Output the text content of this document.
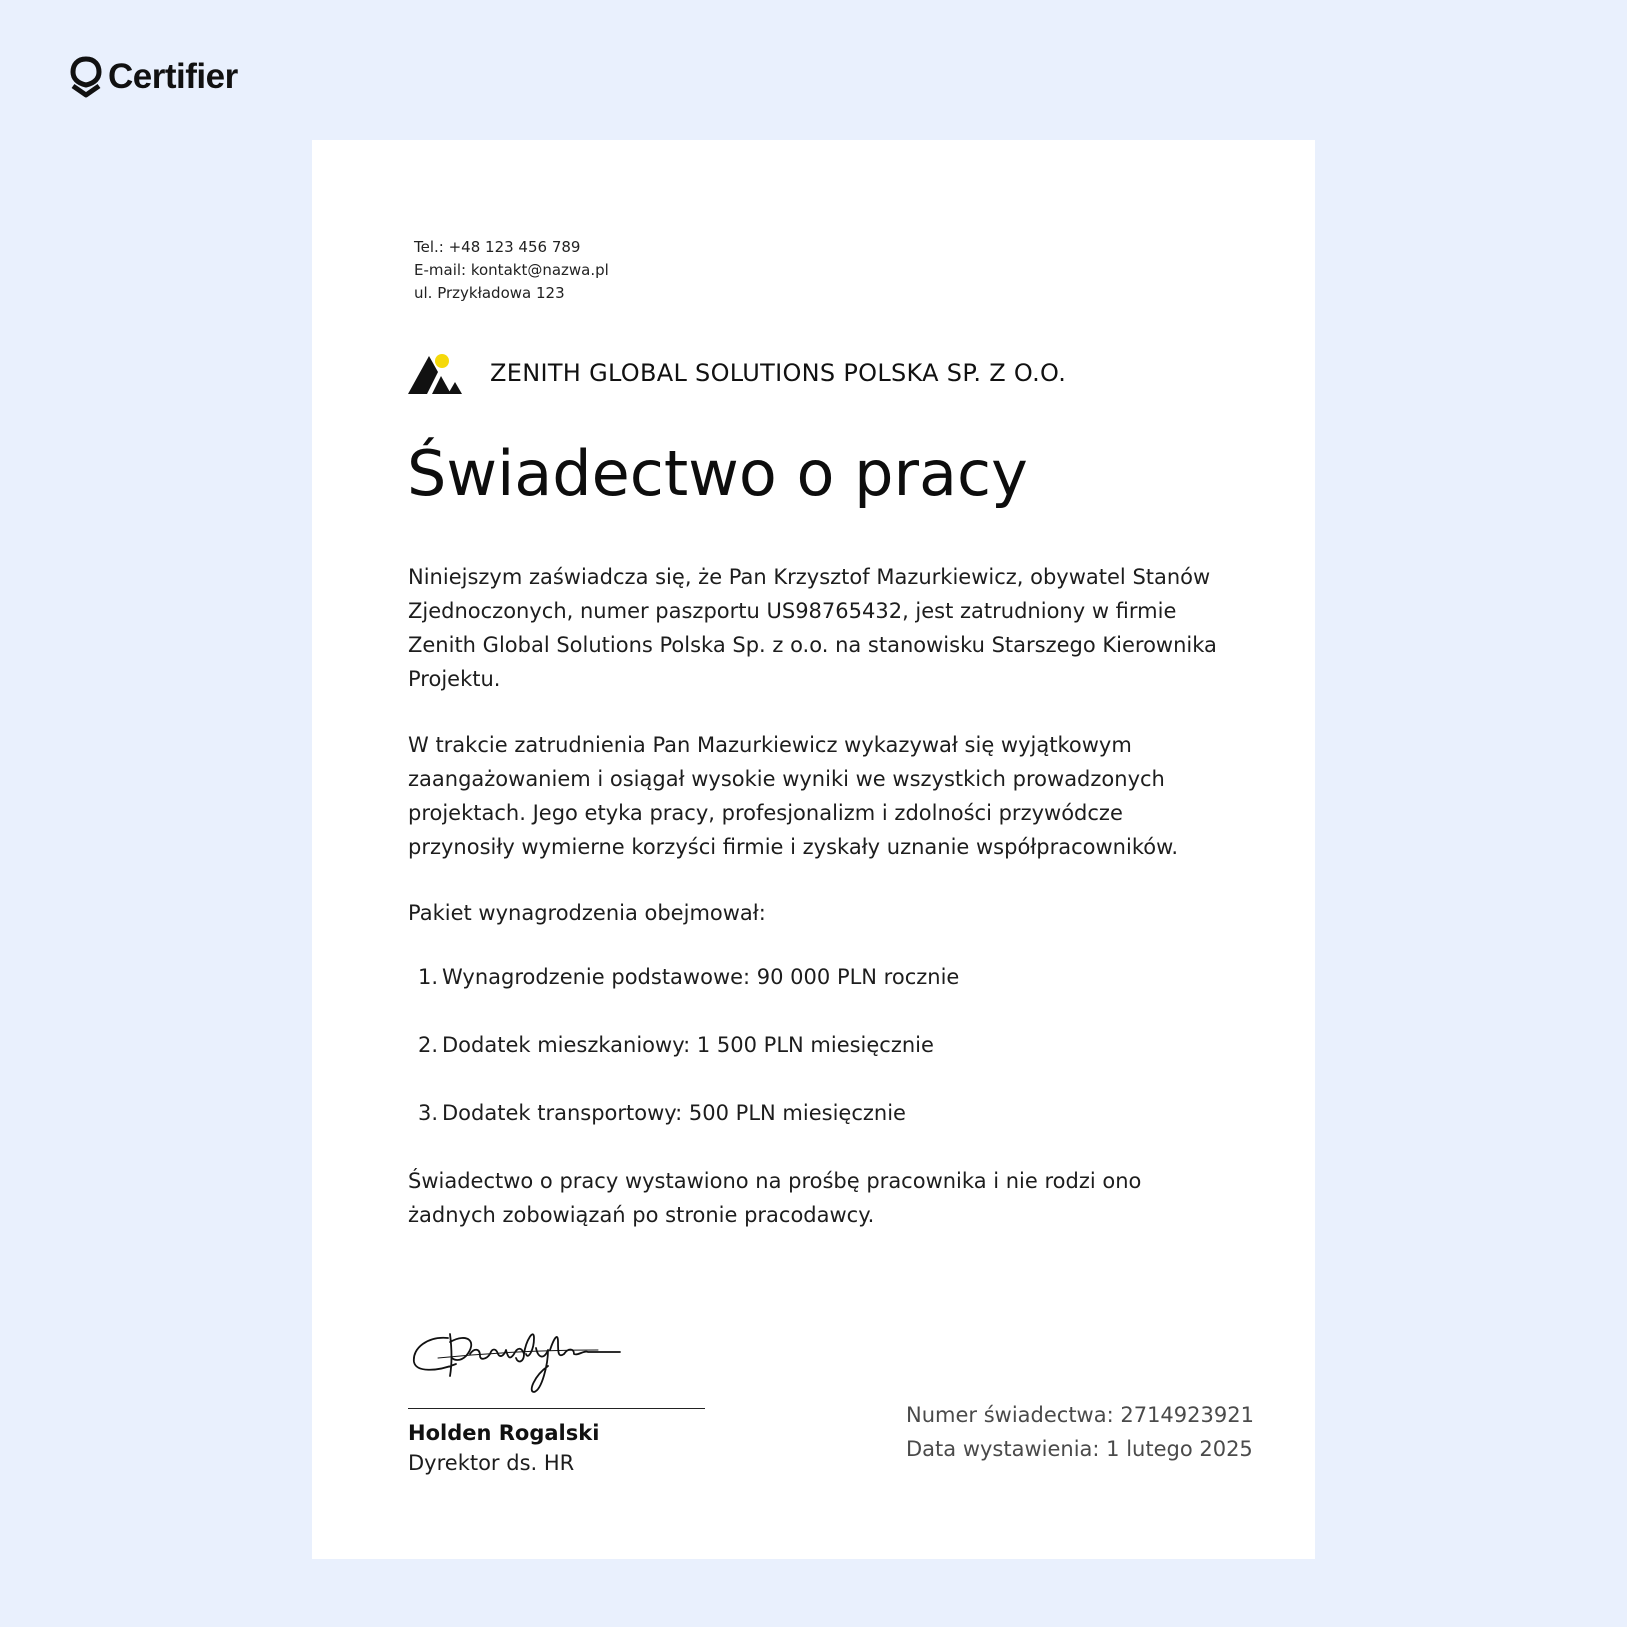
Certifier
Tel.: +48 123 456 789
E-mail: kontakt@nazwa.pl
ul. Przykładowa 123
ZENITH GLOBAL SOLUTIONS POLSKA SP. Z O.O.
Świadectwo o pracy

Niniejszym zaświadcza się, że Pan Krzysztof Mazurkiewicz, obywatel Stanów Zjednoczonych, numer paszportu US98765432, jest zatrudniony w firmie Zenith Global Solutions Polska Sp. z o.o. na stanowisku Starszego Kierownika Projektu.

W trakcie zatrudnienia Pan Mazurkiewicz wykazywał się wyjątkowym zaangażowaniem i osiągał wysokie wyniki we wszystkich prowadzonych projektach. Jego etyka pracy, profesjonalizm i zdolności przywódcze przynosiły wymierne korzyści firmie i zyskały uznanie współpracowników.

Pakiet wynagrodzenia obejmował:

1. Wynagrodzenie podstawowe: 90 000 PLN rocznie
2. Dodatek mieszkaniowy: 1 500 PLN miesięcznie
3. Dodatek transportowy: 500 PLN miesięcznie

Świadectwo o pracy wystawiono na prośbę pracownika i nie rodzi ono żadnych zobowiązań po stronie pracodawcy.

Holden Rogalski
Dyrektor ds. HR
Numer świadectwa: 2714923921
Data wystawienia: 1 lutego 2025
